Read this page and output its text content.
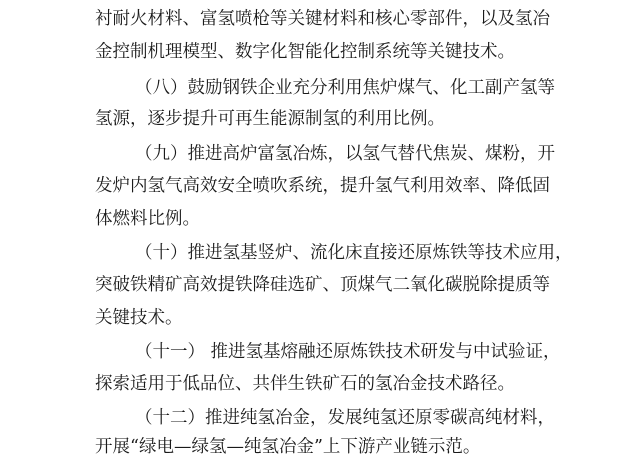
衬耐火材料、富氢喷枪等关键材料和核心零部件，以及氢冶
金控制机理模型、数字化智能化控制系统等关键技术。
（八）鼓励钢铁企业充分利用焦炉煤气、化工副产氢等
氢源，逐步提升可再生能源制氢的利用比例。
（九）推进高炉富氢冶炼，以氢气替代焦炭、煤粉，开
发炉内氢气高效安全喷吹系统，提升氢气利用效率、降低固
体燃料比例。
（十）推进氢基竖炉、流化床直接还原炼铁等技术应用，
突破铁精矿高效提铁降硅选矿、顶煤气二氧化碳脱除提质等
关键技术。
（十一） 推进氢基熔融还原炼铁技术研发与中试验证，
探索适用于低品位、共伴生铁矿石的氢冶金技术路径。
（十二）推进纯氢冶金，发展纯氢还原零碳高纯材料，
开展“绿电—绿氢—纯氢冶金”上下游产业链示范。
